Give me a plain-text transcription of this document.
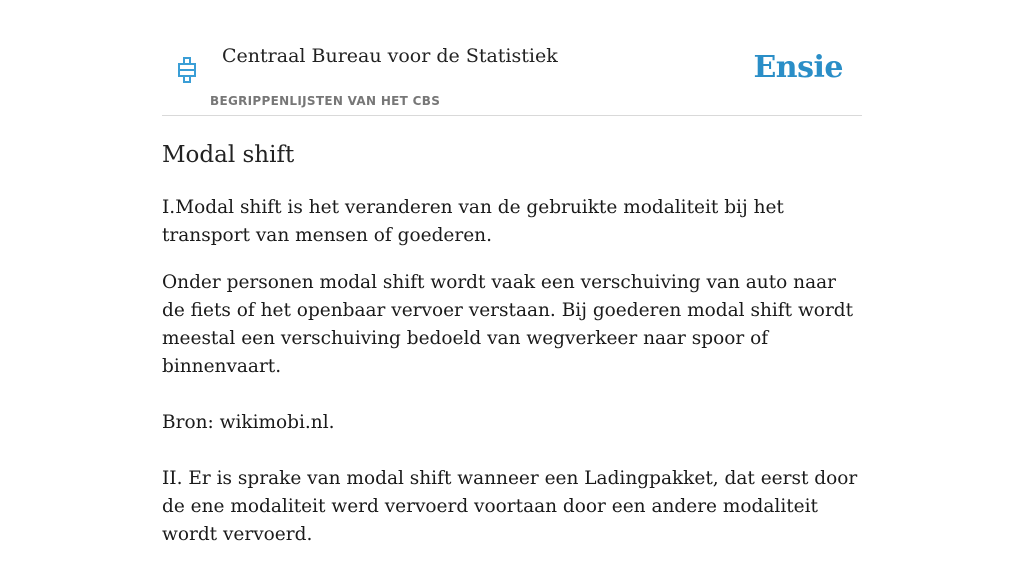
Centraal Bureau voor de Statistiek
BEGRIPPENLIJSTEN VAN HET CBS
Ensie
Modal shift

I.Modal shift is het veranderen van de gebruikte modaliteit bij het transport van mensen of goederen.

Onder personen modal shift wordt vaak een verschuiving van auto naar de fiets of het openbaar vervoer verstaan. Bij goederen modal shift wordt meestal een verschuiving bedoeld van wegverkeer naar spoor of binnenvaart.

Bron: wikimobi.nl.

II. Er is sprake van modal shift wanneer een Ladingpakket, dat eerst door de ene modaliteit werd vervoerd voortaan door een andere modaliteit wordt vervoerd.
